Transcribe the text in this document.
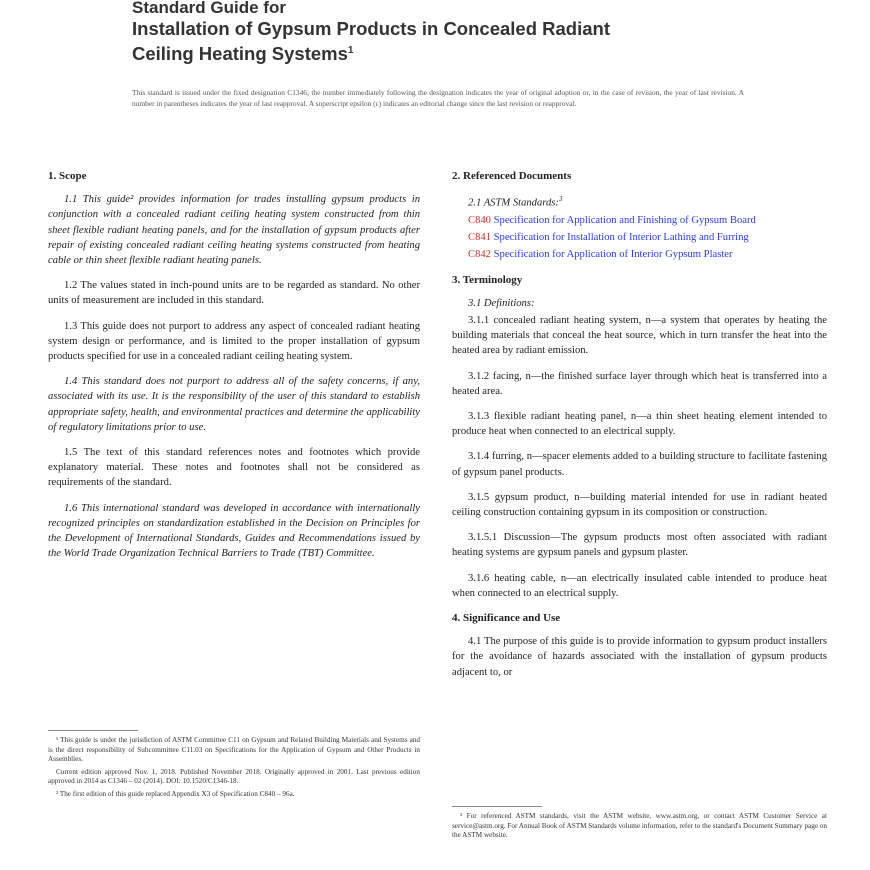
Standard Guide for
Installation of Gypsum Products in Concealed Radiant
Ceiling Heating Systems$^1$
This standard is issued under the fixed designation C1346; the number immediately following the designation indicates the year of original adoption or, in the case of revision, the year of last revision. A number in parentheses indicates the year of last reapproval. A superscript epsilon (ε) indicates an editorial change since the last revision or reapproval.
1. Scope

1.1 This guide² provides information for trades installing gypsum products in conjunction with a concealed radiant ceiling heating system constructed from thin sheet flexible radiant heating panels, and for the installation of gypsum products after repair of existing concealed radiant ceiling heating systems constructed from heating cable or thin sheet flexible radiant heating panels.

1.2 The values stated in inch-pound units are to be regarded as standard. No other units of measurement are included in this standard.

1.3 This guide does not purport to address any aspect of concealed radiant heating system design or performance, and is limited to the proper installation of gypsum products specified for use in a concealed radiant ceiling heating system.

1.4 This standard does not purport to address all of the safety concerns, if any, associated with its use. It is the responsibility of the user of this standard to establish appropriate safety, health, and environmental practices and determine the applicability of regulatory limitations prior to use.

1.5 The text of this standard references notes and footnotes which provide explanatory material. These notes and footnotes shall not be considered as requirements of the standard.

1.6 This international standard was developed in accordance with internationally recognized principles on standardization established in the Decision on Principles for the Development of International Standards, Guides and Recommendations issued by the World Trade Organization Technical Barriers to Trade (TBT) Committee.

¹ This guide is under the jurisdiction of ASTM Committee C11 on Gypsum and Related Building Materials and Systems and is the direct responsibility of Subcommittee C11.03 on Specifications for the Application of Gypsum and Other Products in Assemblies.

Current edition approved Nov. 1, 2018. Published November 2018. Originally approved in 2001. Last previous edition approved in 2014 as C1346 – 02 (2014). DOI: 10.1520/C1346-18.

² The first edition of this guide replaced Appendix X3 of Specification C840 – 96a.

2. Referenced Documents

2.1 ASTM Standards:$^3$

C840 Specification for Application and Finishing of Gypsum Board
C841 Specification for Installation of Interior Lathing and Furring
C842 Specification for Application of Interior Gypsum Plaster
3. Terminology

3.1 Definitions:

3.1.1 concealed radiant heating system, n—a system that operates by heating the building materials that conceal the heat source, which in turn transfer the heat into the heated area by radiant emission.

3.1.2 facing, n—the finished surface layer through which heat is transferred into a heated area.

3.1.3 flexible radiant heating panel, n—a thin sheet heating element intended to produce heat when connected to an electrical supply.

3.1.4 furring, n—spacer elements added to a building structure to facilitate fastening of gypsum panel products.

3.1.5 gypsum product, n—building material intended for use in radiant heated ceiling construction containing gypsum in its composition or construction.

3.1.5.1 Discussion—The gypsum products most often associated with radiant heating systems are gypsum panels and gypsum plaster.

3.1.6 heating cable, n—an electrically insulated cable intended to produce heat when connected to an electrical supply.

4. Significance and Use

4.1 The purpose of this guide is to provide information to gypsum product installers for the avoidance of hazards associated with the installation of gypsum products adjacent to, or

³ For referenced ASTM standards, visit the ASTM website, www.astm.org, or contact ASTM Customer Service at service@astm.org. For Annual Book of ASTM Standards volume information, refer to the standard's Document Summary page on the ASTM website.
